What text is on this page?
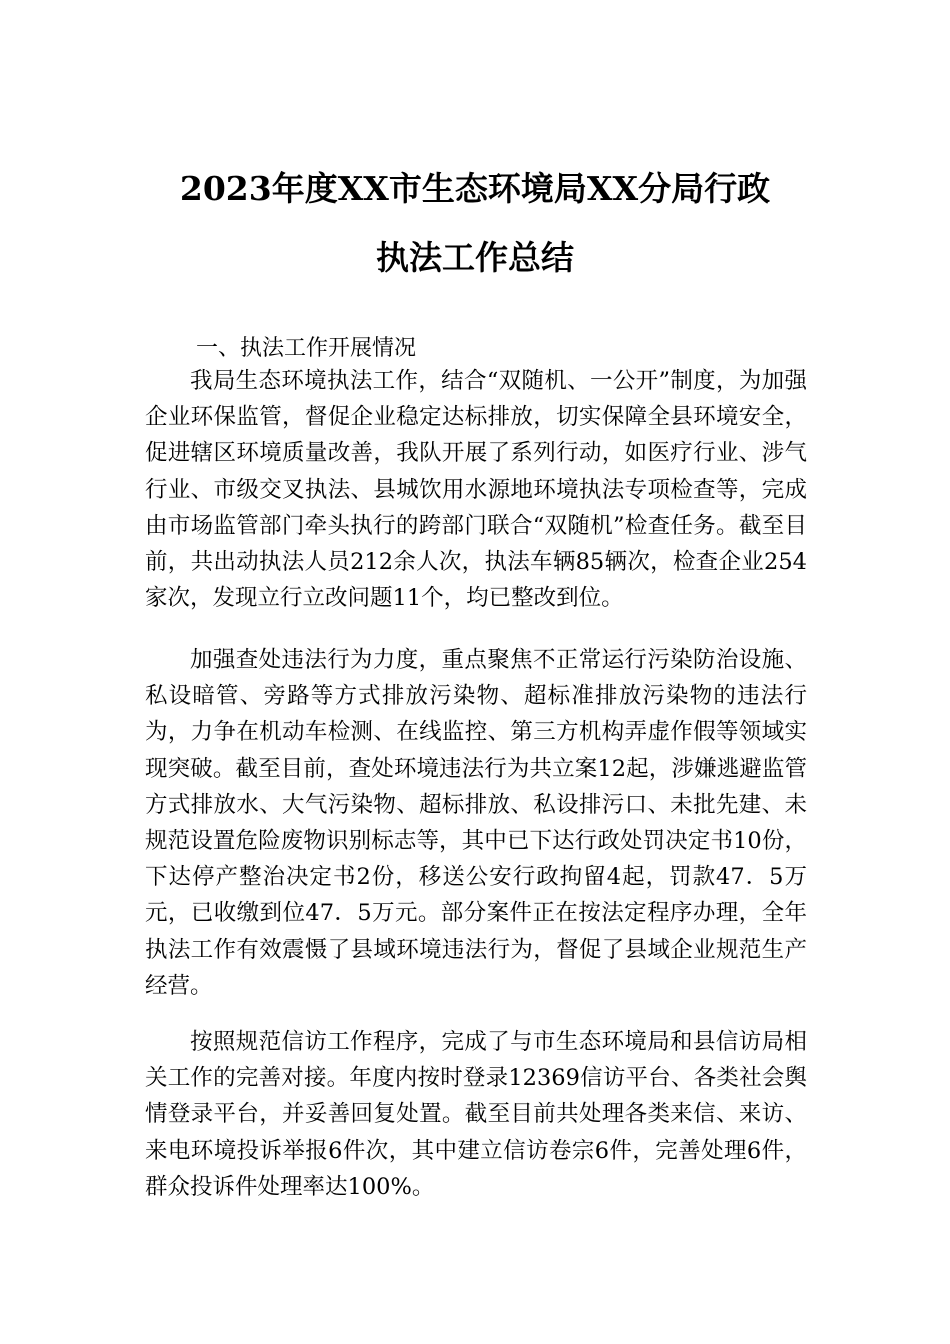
2023年度XX市生态环境局XX分局行政
执法工作总结
一、执法工作开展情况

我局生态环境执法工作，结合“双随机、一公开”制度，为加强企业环保监管，督促企业稳定达标排放，切实保障全县环境安全，促进辖区环境质量改善，我队开展了系列行动，如医疗行业、涉气行业、市级交叉执法、县城饮用水源地环境执法专项检查等，完成由市场监管部门牵头执行的跨部门联合“双随机”检查任务。截至目前，共出动执法人员212余人次，执法车辆85辆次，检查企业254家次，发现立行立改问题11个，均已整改到位。

加强查处违法行为力度，重点聚焦不正常运行污染防治设施、私设暗管、旁路等方式排放污染物、超标准排放污染物的违法行为，力争在机动车检测、在线监控、第三方机构弄虚作假等领域实现突破。截至目前，查处环境违法行为共立案12起，涉嫌逃避监管方式排放水、大气污染物、超标排放、私设排污口、未批先建、未规范设置危险废物识别标志等，其中已下达行政处罚决定书10份，下达停产整治决定书2份，移送公安行政拘留4起，罚款47．5万元，已收缴到位47．5万元。部分案件正在按法定程序办理，全年执法工作有效震慑了县域环境违法行为，督促了县域企业规范生产经营。

按照规范信访工作程序，完成了与市生态环境局和县信访局相关工作的完善对接。年度内按时登录12369信访平台、各类社会舆情登录平台，并妥善回复处置。截至目前共处理各类来信、来访、来电环境投诉举报6件次，其中建立信访卷宗6件，完善处理6件，群众投诉件处理率达100%。
